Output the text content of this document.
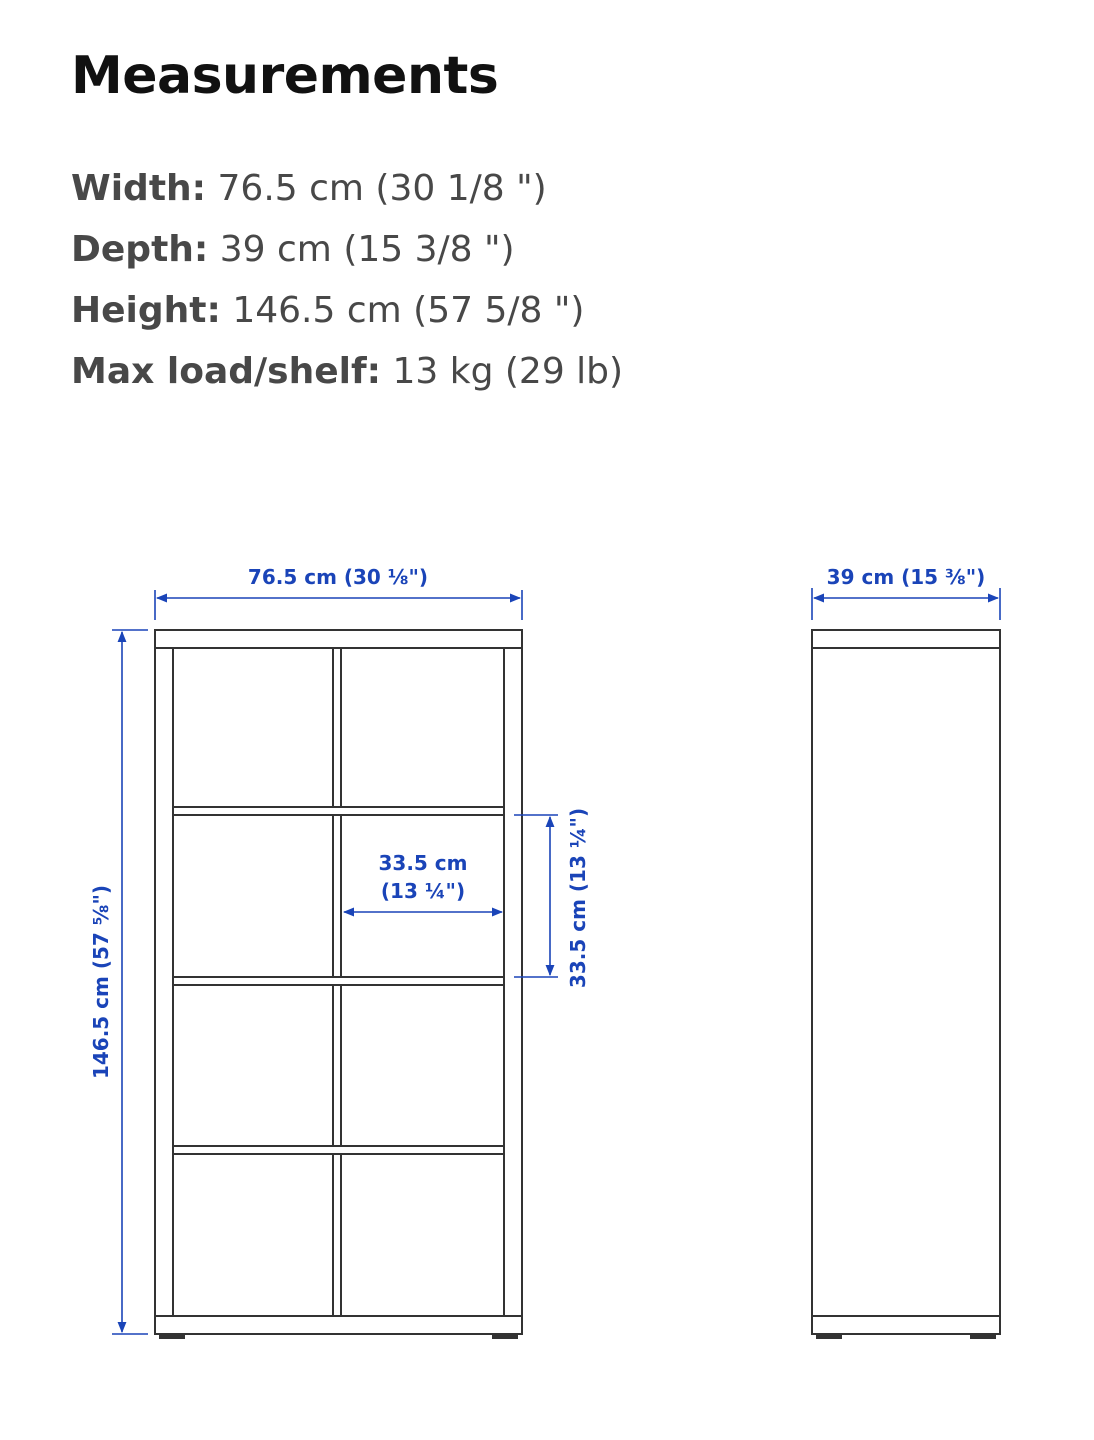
Measurements
Width: 76.5 cm (30 1/8 ")
Depth: 39 cm (15 3/8 ")
Height: 146.5 cm (57 5/8 ")
Max load/shelf: 13 kg (29 lb)
76.5 cm (30 ⅛")
146.5 cm (57 ⅝")
33.5 cm
(13 ¼")	33.5 cm (13 ¼")
39 cm (15 ⅜")
